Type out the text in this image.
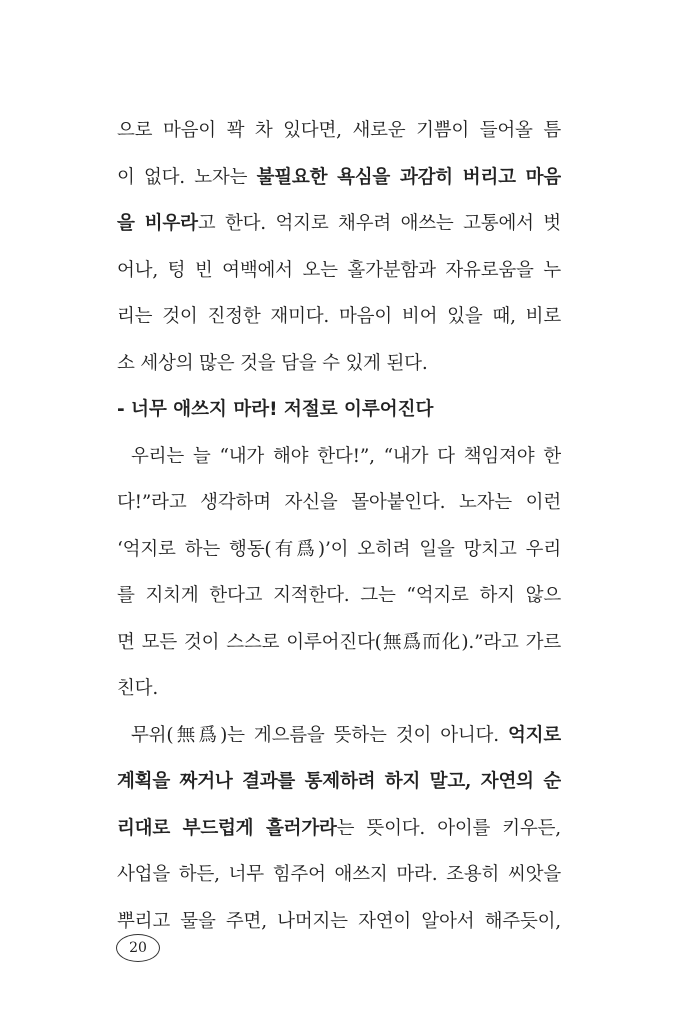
으로 마음이 꽉 차 있다면, 새로운 기쁨이 들어올 틈
이 없다. 노자는 불필요한 욕심을 과감히 버리고 마음
을 비우라고 한다. 억지로 채우려 애쓰는 고통에서 벗
어나, 텅 빈 여백에서 오는 홀가분함과 자유로움을 누
리는 것이 진정한 재미다. 마음이 비어 있을 때, 비로
소 세상의 많은 것을 담을 수 있게 된다.
- 너무 애쓰지 마라! 저절로 이루어진다
우리는 늘 “내가 해야 한다!”, “내가 다 책임져야 한
다!”라고 생각하며 자신을 몰아붙인다. 노자는 이런
‘억지로 하는 행동(有爲)’이 오히려 일을 망치고 우리
를 지치게 한다고 지적한다. 그는 “억지로 하지 않으
면 모든 것이 스스로 이루어진다(無爲而化).”라고 가르
친다.
무위(無爲)는 게으름을 뜻하는 것이 아니다. 억지로
계획을 짜거나 결과를 통제하려 하지 말고, 자연의 순
리대로 부드럽게 흘러가라는 뜻이다. 아이를 키우든,
사업을 하든, 너무 힘주어 애쓰지 마라. 조용히 씨앗을
뿌리고 물을 주면, 나머지는 자연이 알아서 해주듯이,
20
